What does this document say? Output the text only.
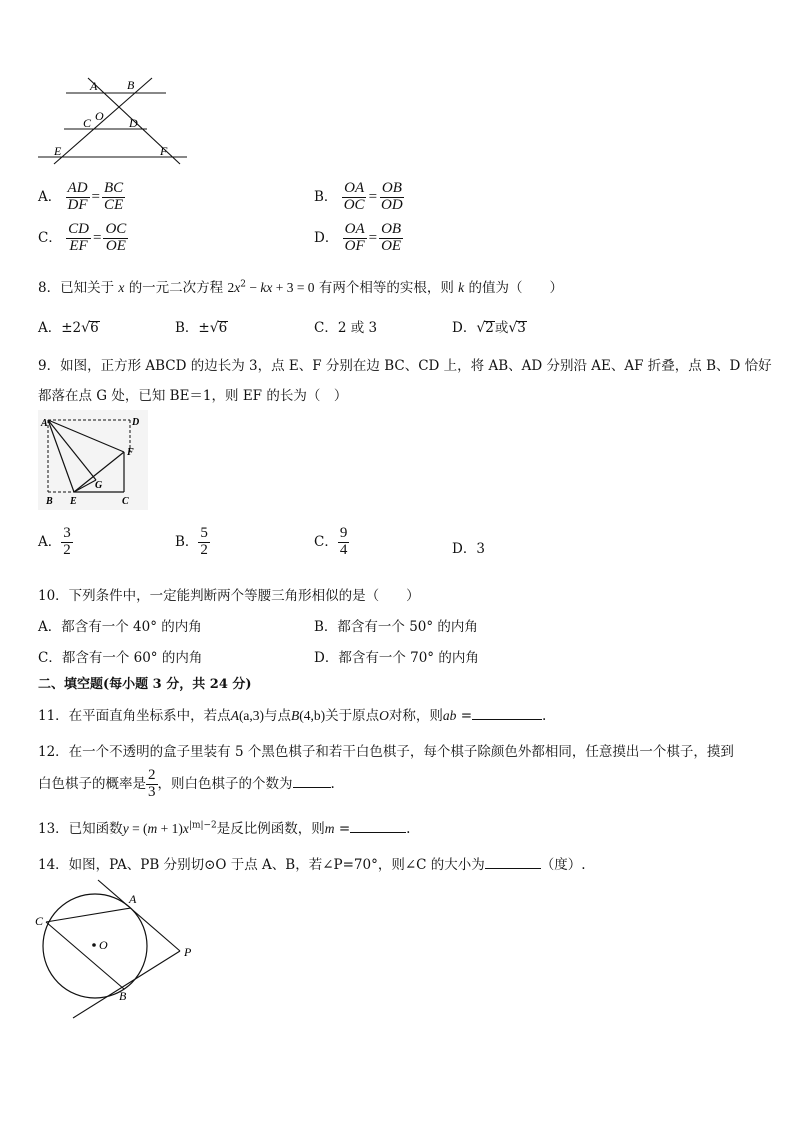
A B
C O D
E	F
A． $\frac{AD}{DF} = \frac{BC}{CE}$	B． $\frac{OA}{OC} = \frac{OB}{OD}$
C． $\frac{CD}{EF} = \frac{OC}{OE}$	D． $\frac{OA}{OF} = \frac{OB}{OE}$
8．已知关于 x 的一元二次方程 $2x^2$ − kx + 3 = 0 有两个相等的实根，则 k 的值为（　　）
A．±2√6	B．±√6	C．2 或 3	D．√2或√3
9．如图，正方形 ABCD 的边长为 3，点 E、F 分别在边 BC、CD 上，将 AB、AD 分别沿 AE、AF 折叠，点 B、D 恰好
都落在点 G 处，已知 BE＝1，则 EF 的长为（　）
A	D
F
G
B E	C
A． $\frac{3}{2}$	B． $\frac{5}{2}$	C． $\frac{9}{4}$	D．3
10．下列条件中，一定能判断两个等腰三角形相似的是（　　）
A．都含有一个 40° 的内角	B．都含有一个 50° 的内角
C．都含有一个 60° 的内角	D．都含有一个 70° 的内角
二、填空题(每小题 3 分，共 24 分)
11．在平面直角坐标系中，若点A(a,3)与点B(4,b)关于原点O对称，则ab =	.
12．在一个不透明的盒子里装有 5 个黑色棋子和若干白色棋子，每个棋子除颜色外都相同，任意摸出一个棋子，摸到
白色棋子的概率是 $\frac{2}{3}$ ，则白色棋子的个数为	.
13．已知函数$y = (m + 1)x^{|m|-2}$是反比例函数，则m =	.
14．如图，PA、PB 分别切⊙O 于点 A、B，若∠P=70°，则∠C 的大小为	（度）.
A
C
O	P
B
